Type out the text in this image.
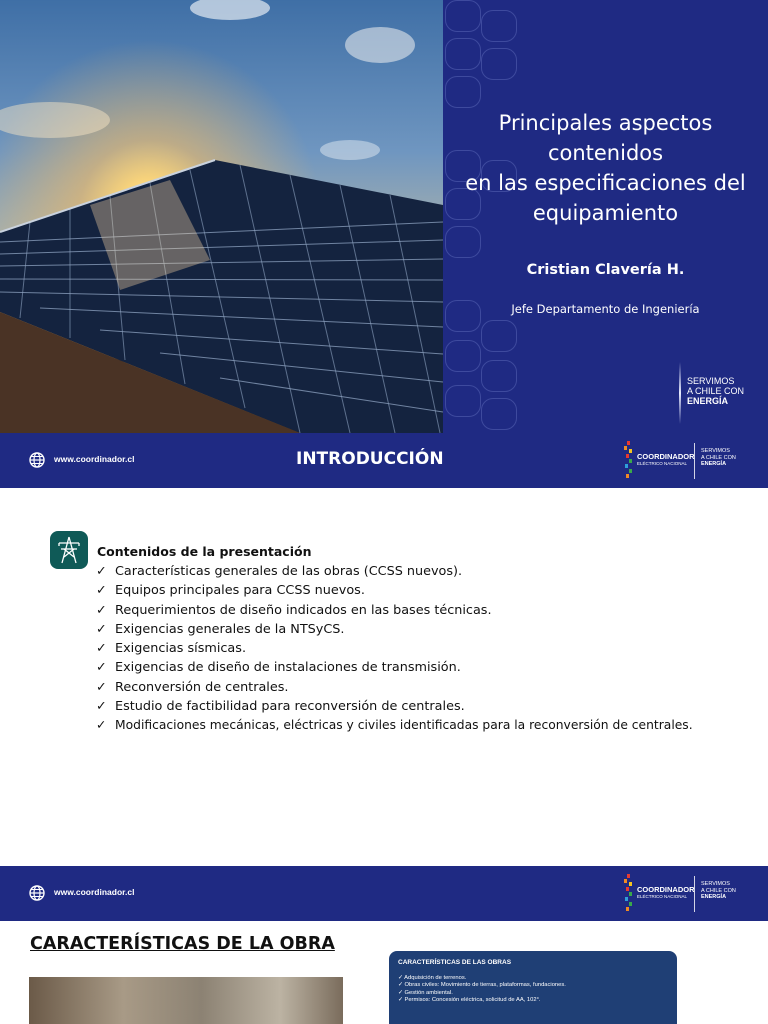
Principales aspectos
contenidos
en las especificaciones del
equipamiento
Cristian Clavería H.
Jefe Departamento de Ingeniería
SERVIMOS
A CHILE CON
ENERGÍA
www.coordinador.cl	INTRODUCCIÓN	COORDINADOR
ELÉCTRICO NACIONAL
SERVIMOS
A CHILE CON
ENERGÍA
Contenidos de la presentación
✓ Características generales de las obras (CCSS nuevos).
✓ Equipos principales para CCSS nuevos.
✓ Requerimientos de diseño indicados en las bases técnicas.
✓ Exigencias generales de la NTSyCS.
✓ Exigencias sísmicas.
✓ Exigencias de diseño de instalaciones de transmisión.
✓ Reconversión de centrales.
✓ Estudio de factibilidad para reconversión de centrales.
✓ Modificaciones mecánicas, eléctricas y civiles identificadas para la reconversión de centrales.
www.coordinador.cl	COORDINADOR
ELÉCTRICO NACIONAL
SERVIMOS
A CHILE CON
ENERGÍA
CARACTERÍSTICAS DE LA OBRA
CARACTERÍSTICAS DE LAS OBRAS
✓ Adquisición de terrenos.
✓ Obras civiles: Movimiento de tierras, plataformas, fundaciones.
✓ Gestión ambiental.
✓ Permisos: Concesión eléctrica, solicitud de AA, 102°.
